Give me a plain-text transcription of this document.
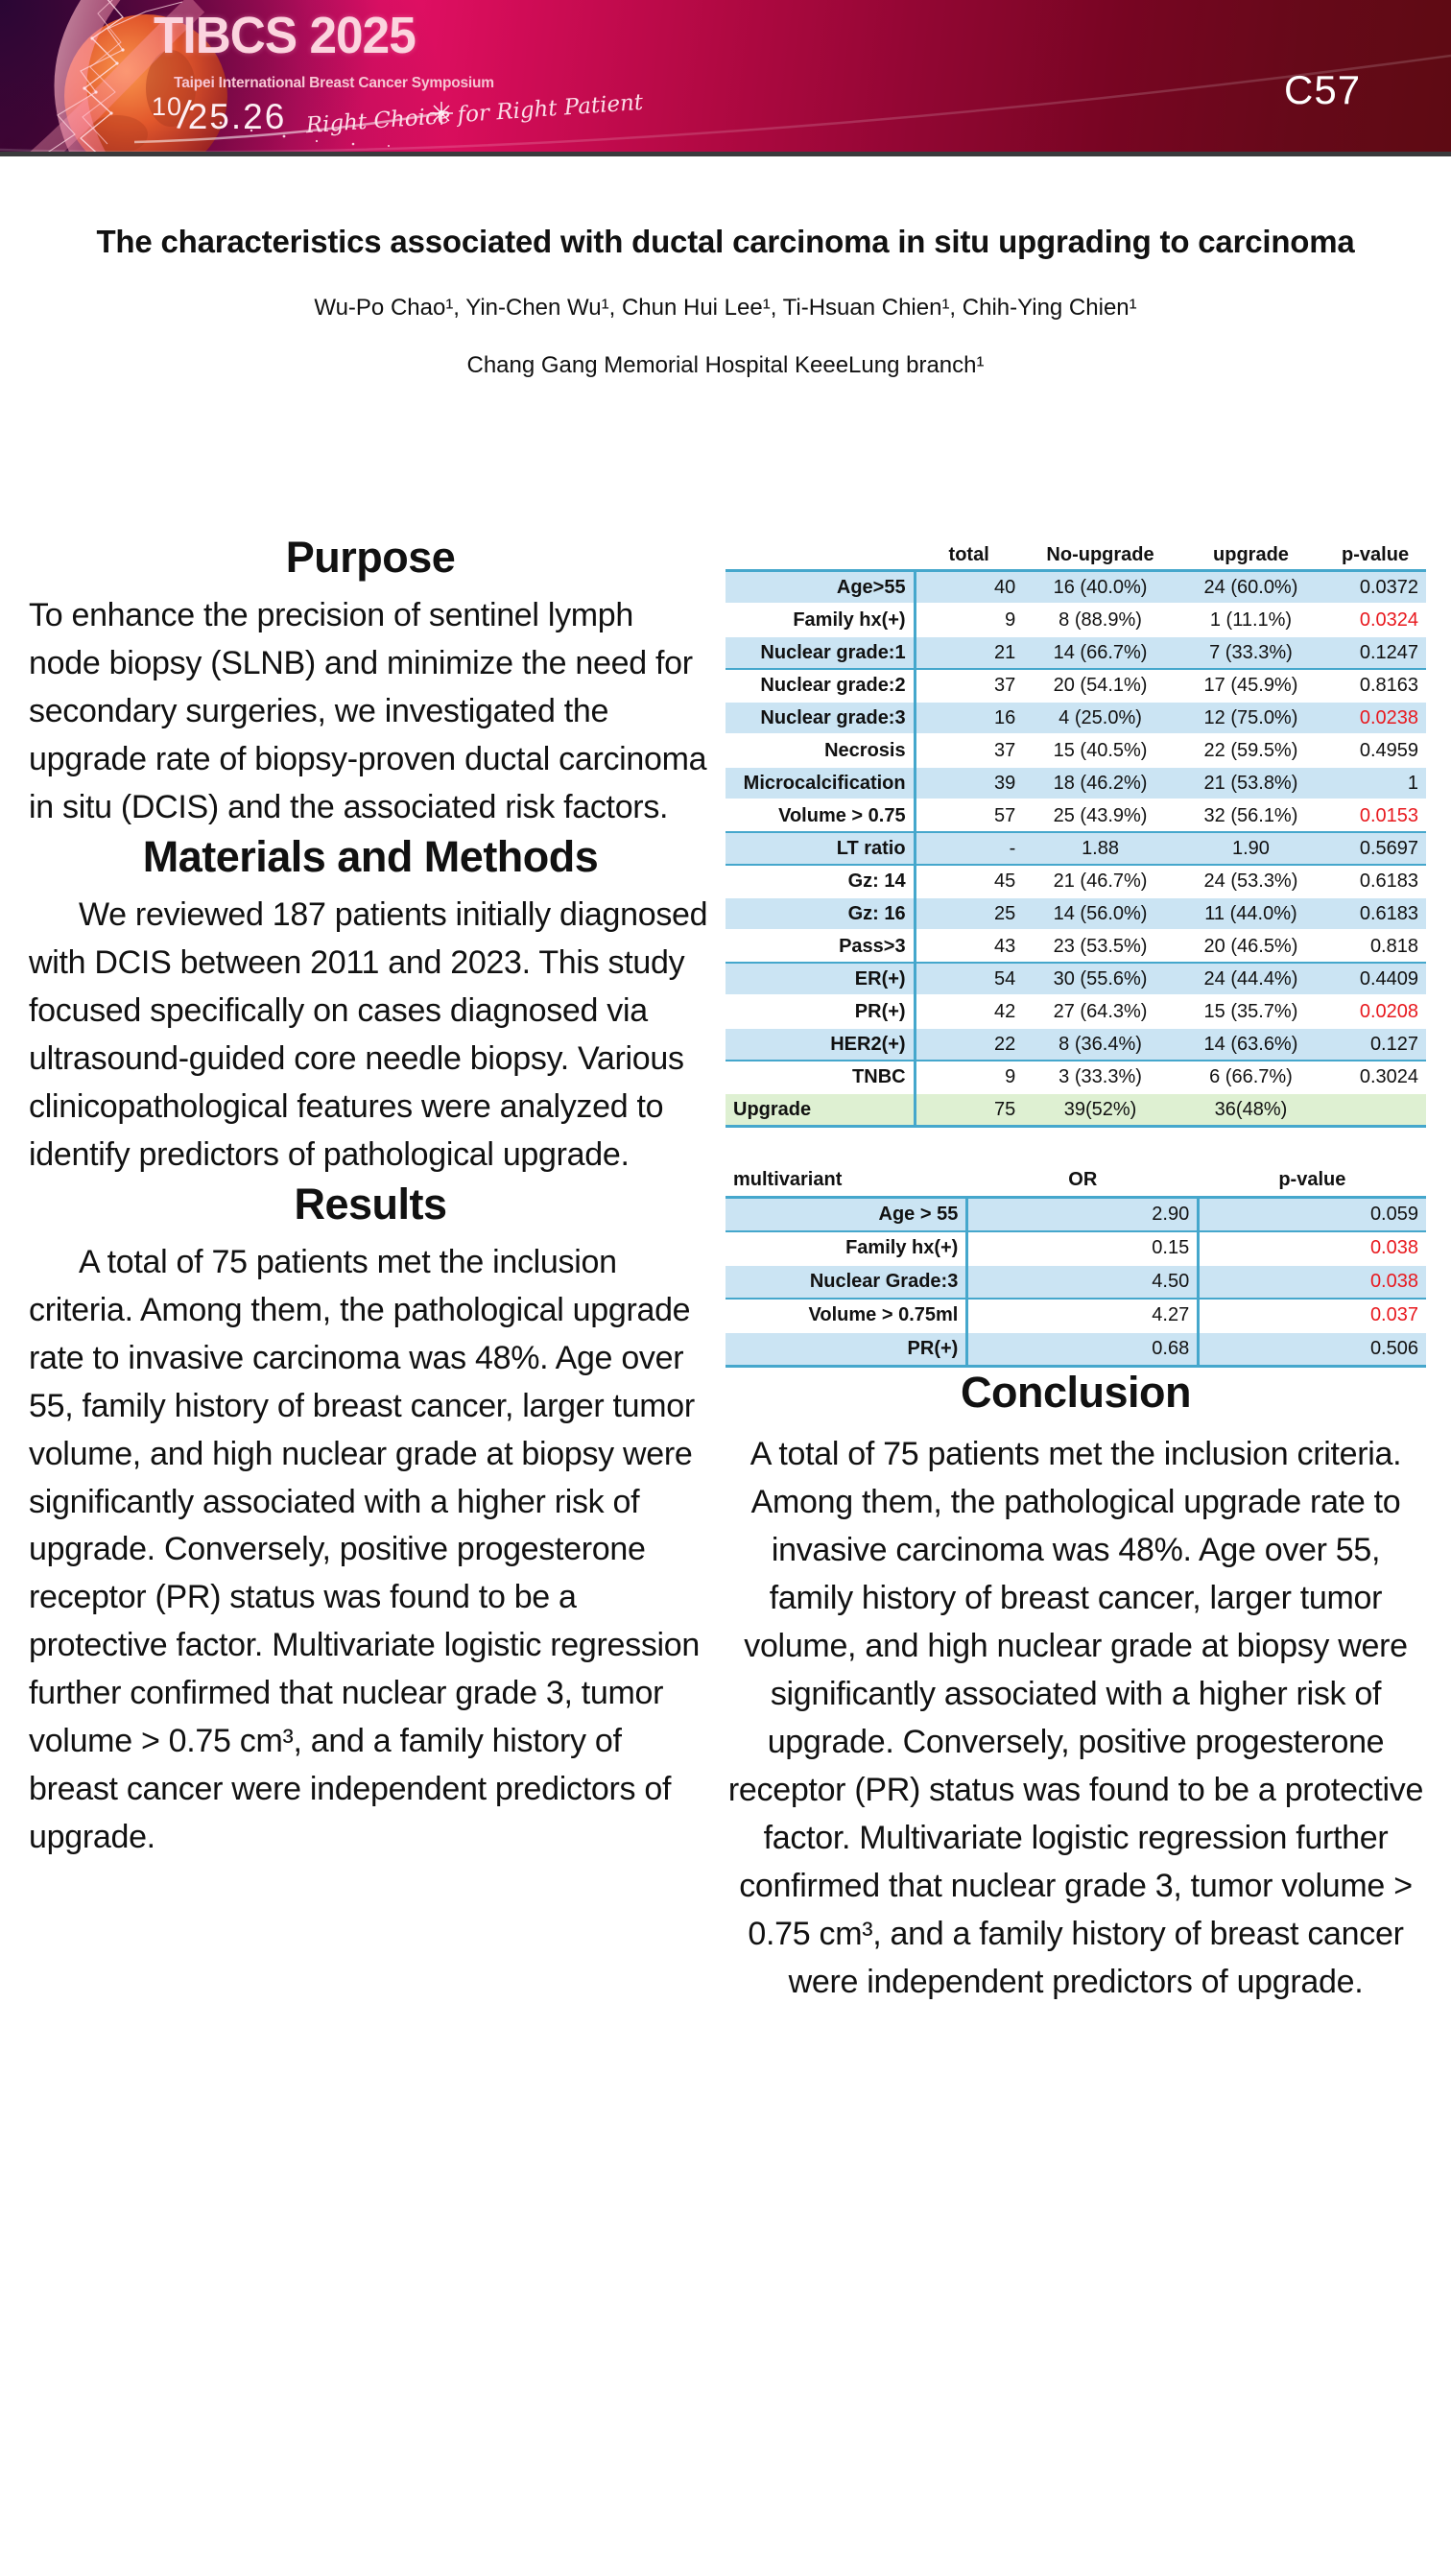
TIBCS 2025
Taipei International Breast Cancer Symposium
10/25.26 Right Choice for Right Patient
C57
The characteristics associated with ductal carcinoma in situ upgrading to carcinoma
Wu-Po Chao¹, Yin-Chen Wu¹, Chun Hui Lee¹, Ti-Hsuan Chien¹, Chih-Ying Chien¹
Chang Gang Memorial Hospital KeeeLung branch¹
Purpose

To enhance the precision of sentinel lymph node biopsy (SLNB) and minimize the need for secondary surgeries, we investigated the upgrade rate of biopsy-proven ductal carcinoma in situ (DCIS) and the associated risk factors.

Materials and Methods

We reviewed 187 patients initially diagnosed with DCIS between 2011 and 2023. This study focused specifically on cases diagnosed via ultrasound-guided core needle biopsy. Various clinicopathological features were analyzed to identify predictors of pathological upgrade.

Results

A total of 75 patients met the inclusion criteria. Among them, the pathological upgrade rate to invasive carcinoma was 48%. Age over 55, family history of breast cancer, larger tumor volume, and high nuclear grade at biopsy were significantly associated with a higher risk of upgrade. Conversely, positive progesterone receptor (PR) status was found to be a protective factor. Multivariate logistic regression further confirmed that nuclear grade 3, tumor volume > 0.75 cm³, and a family history of breast cancer were independent predictors of upgrade.

	total	No-upgrade	upgrade	p-value
Age>55	40	16 (40.0%)	24 (60.0%)	0.0372
Family hx(+)	9	8 (88.9%)	1 (11.1%)	0.0324
Nuclear grade:1	21	14 (66.7%)	7 (33.3%)	0.1247
Nuclear grade:2	37	20 (54.1%)	17 (45.9%)	0.8163
Nuclear grade:3	16	4 (25.0%)	12 (75.0%)	0.0238
Necrosis	37	15 (40.5%)	22 (59.5%)	0.4959
Microcalcification	39	18 (46.2%)	21 (53.8%)	1
Volume > 0.75	57	25 (43.9%)	32 (56.1%)	0.0153
LT ratio	-	1.88	1.90	0.5697
Gz: 14	45	21 (46.7%)	24 (53.3%)	0.6183
Gz: 16	25	14 (56.0%)	11 (44.0%)	0.6183
Pass>3	43	23 (53.5%)	20 (46.5%)	0.818
ER(+)	54	30 (55.6%)	24 (44.4%)	0.4409
PR(+)	42	27 (64.3%)	15 (35.7%)	0.0208
HER2(+)	22	8 (36.4%)	14 (63.6%)	0.127
TNBC	9	3 (33.3%)	6 (66.7%)	0.3024
Upgrade	75	39(52%)	36(48%)	
multivariant	OR	p-value
Age > 55	2.90	0.059
Family hx(+)	0.15	0.038
Nuclear Grade:3	4.50	0.038
Volume > 0.75ml	4.27	0.037
PR(+)	0.68	0.506
Conclusion

A total of 75 patients met the inclusion criteria. Among them, the pathological upgrade rate to invasive carcinoma was 48%. Age over 55, family history of breast cancer, larger tumor volume, and high nuclear grade at biopsy were significantly associated with a higher risk of upgrade. Conversely, positive progesterone receptor (PR) status was found to be a protective factor. Multivariate logistic regression further confirmed that nuclear grade 3, tumor volume > 0.75 cm³, and a family history of breast cancer were independent predictors of upgrade.
